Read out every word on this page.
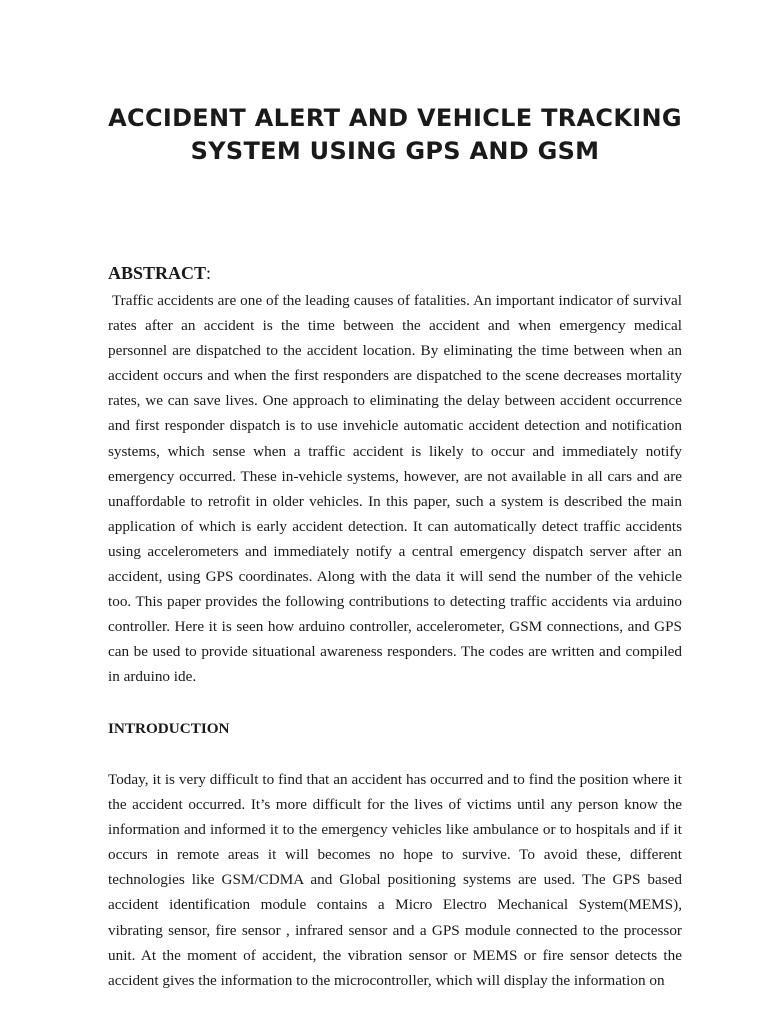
ACCIDENT ALERT AND VEHICLE TRACKING SYSTEM USING GPS AND GSM
ABSTRACT:

Traffic accidents are one of the leading causes of fatalities. An important indicator of survival rates after an accident is the time between the accident and when emergency medical personnel are dispatched to the accident location. By eliminating the time between when an accident occurs and when the first responders are dispatched to the scene decreases mortality rates, we can save lives. One approach to eliminating the delay between accident occurrence and first responder dispatch is to use invehicle automatic accident detection and notification systems, which sense when a traffic accident is likely to occur and immediately notify emergency occurred. These in-vehicle systems, however, are not available in all cars and are unaffordable to retrofit in older vehicles. In this paper, such a system is described the main application of which is early accident detection. It can automatically detect traffic accidents using accelerometers and immediately notify a central emergency dispatch server after an accident, using GPS coordinates. Along with the data it will send the number of the vehicle too. This paper provides the following contributions to detecting traffic accidents via arduino controller. Here it is seen how arduino controller, accelerometer, GSM connections, and GPS can be used to provide situational awareness responders. The codes are written and compiled in arduino ide.

INTRODUCTION

Today, it is very difficult to find that an accident has occurred and to find the position where it the accident occurred. It’s more difficult for the lives of victims until any person know the information and informed it to the emergency vehicles like ambulance or to hospitals and if it occurs in remote areas it will becomes no hope to survive. To avoid these, different technologies like GSM/CDMA and Global positioning systems are used. The GPS based accident identification module contains a Micro Electro Mechanical System(MEMS), vibrating sensor, fire sensor , infrared sensor and a GPS module connected to the processor unit. At the moment of accident, the vibration sensor or MEMS or fire sensor detects the accident gives the information to the microcontroller, which will display the information on
